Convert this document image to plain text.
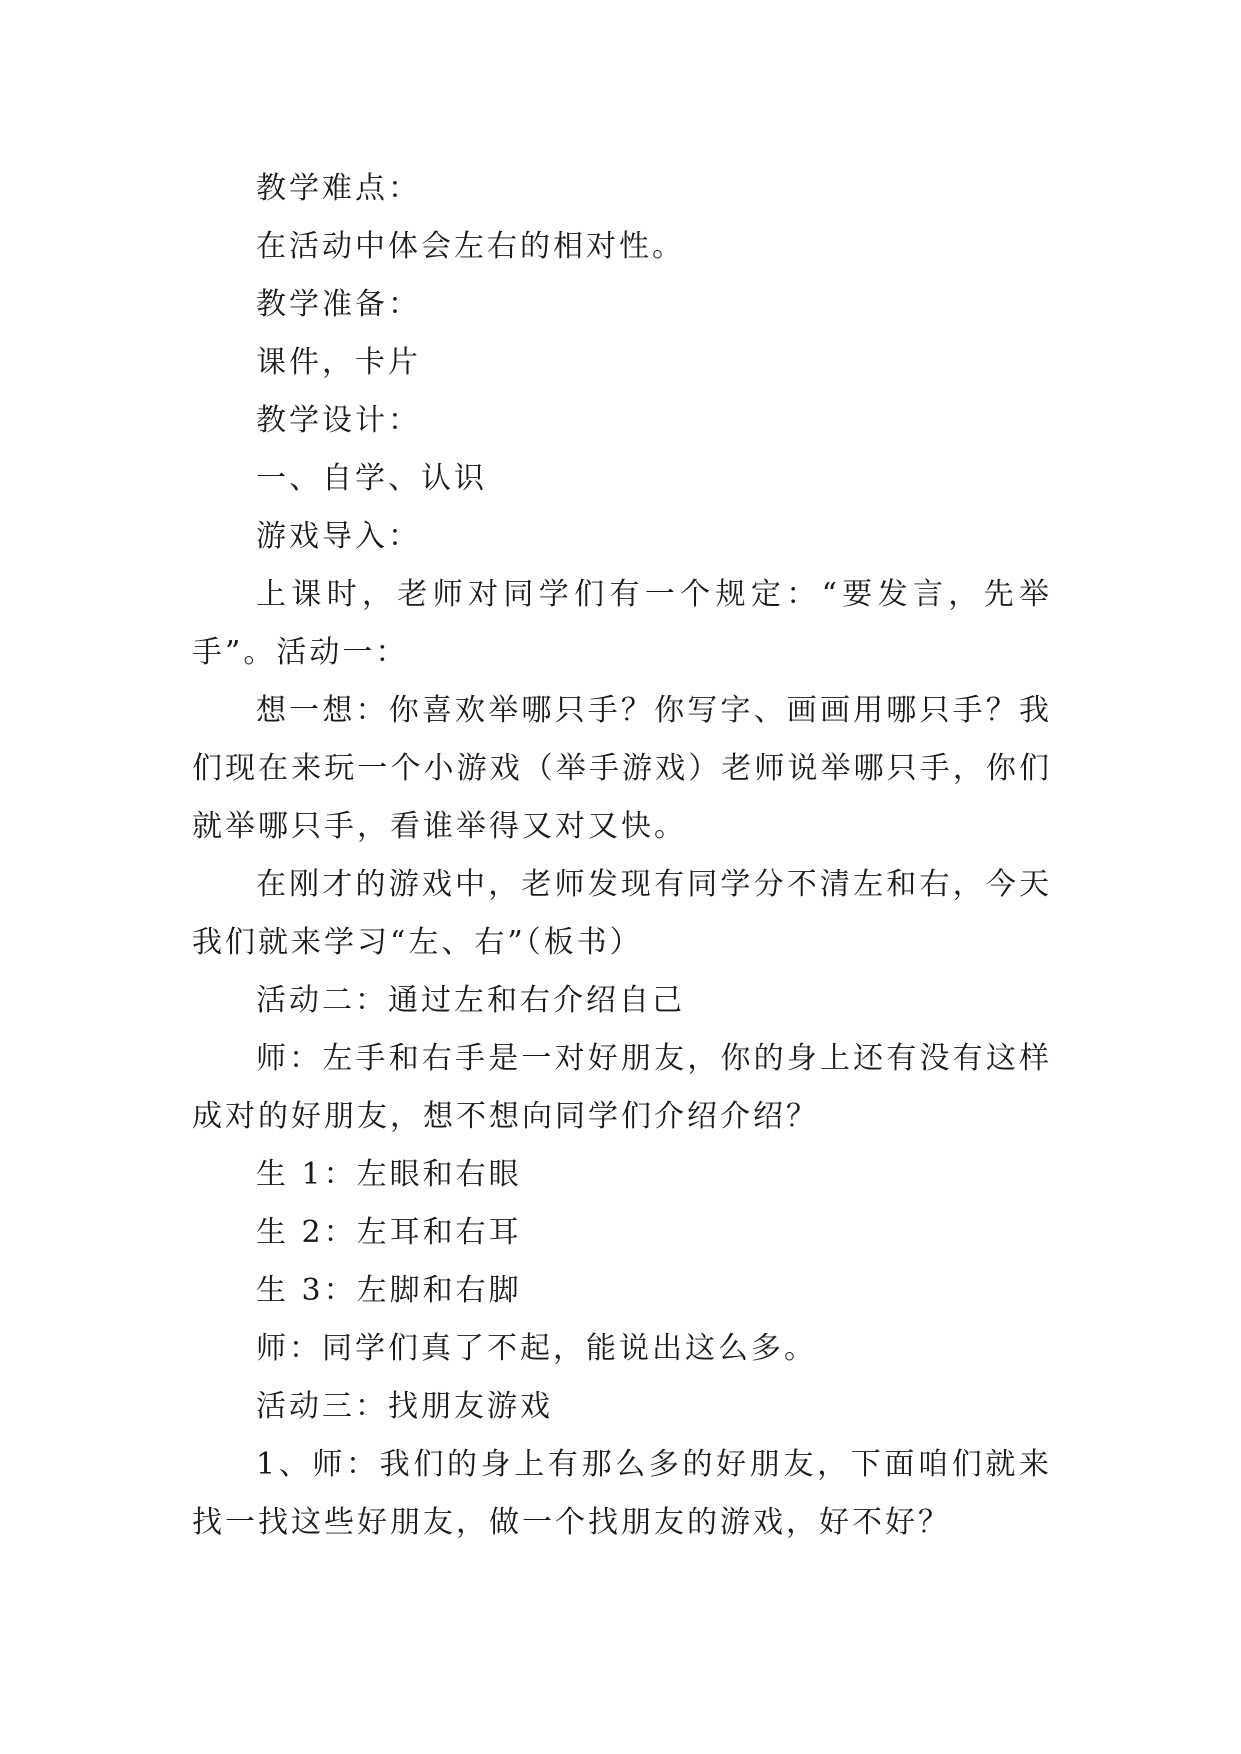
教学难点：

在活动中体会左右的相对性。

教学准备：

课件，卡片

教学设计：

一、自学、认识

游戏导入：

上课时，老师对同学们有一个规定：“要发言，先举手”。活动一：

想一想：你喜欢举哪只手？你写字、画画用哪只手？我们现在来玩一个小游戏（举手游戏）老师说举哪只手，你们就举哪只手，看谁举得又对又快。

在刚才的游戏中，老师发现有同学分不清左和右，今天我们就来学习“左、右”（板书）

活动二：通过左和右介绍自己

师：左手和右手是一对好朋友，你的身上还有没有这样成对的好朋友，想不想向同学们介绍介绍？

生 1：左眼和右眼

生 2：左耳和右耳

生 3：左脚和右脚

师：同学们真了不起，能说出这么多。

活动三：找朋友游戏

1、师：我们的身上有那么多的好朋友，下面咱们就来找一找这些好朋友，做一个找朋友的游戏，好不好？
